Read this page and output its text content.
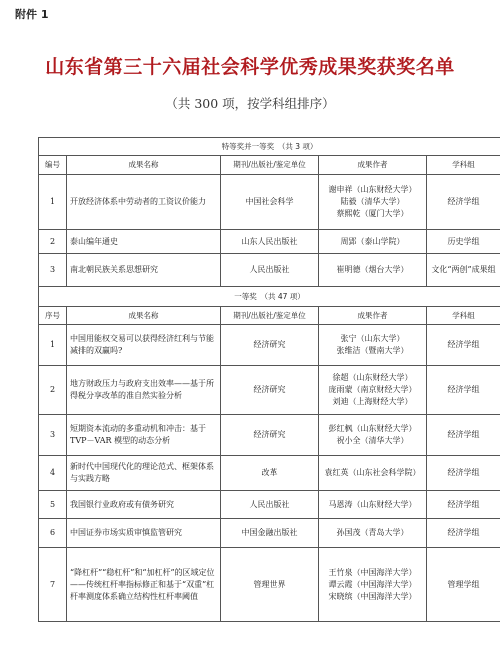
附件 1
山东省第三十六届社会科学优秀成果奖获奖名单
（共 300 项，按学科组排序）
特等奖并一等奖　（共 3 项）				
编号	成果名称	期刊/出版社/鉴定单位	成果作者	学科组
1	开放经济体系中劳动者的工资议价能力	中国社会科学	谢申祥（山东财经大学）
陆毅（清华大学）
蔡熙乾（厦门大学）	经济学组
2	泰山编年通史	山东人民出版社	周郢（泰山学院）	历史学组
3	南北朝民族关系思想研究	人民出版社	崔明德（烟台大学）	文化“两创”成果组
一等奖　（共 47 项）				
序号	成果名称	期刊/出版社/鉴定单位	成果作者	学科组
1	中国用能权交易可以获得经济红利与节能减排的双赢吗?	经济研究	张宁（山东大学）
张维洁（暨南大学）	经济学组
2	地方财政压力与政府支出效率——基于所得税分享改革的准自然实验分析	经济研究	徐超（山东财经大学）
庞雨蒙（南京财经大学）
刘迪（上海财经大学）	经济学组
3	短期资本流动的多重动机和冲击：基于TVP－VAR 模型的动态分析	经济研究	彭红枫（山东财经大学）
祝小全（清华大学）	经济学组
4	新时代中国现代化的理论范式、框架体系与实践方略	改革	袁红英（山东社会科学院）	经济学组
5	我国银行业政府或有债务研究	人民出版社	马恩涛（山东财经大学）	经济学组
6	中国证券市场实质审慎监管研究	中国金融出版社	孙国茂（青岛大学）	经济学组
7	“降杠杆”“稳杠杆”和“加杠杆”的区域定位——传统杠杆率指标修正和基于“双重”杠杆率测度体系确立结构性杠杆率阈值	管理世界	王竹泉（中国海洋大学）
谭云霞（中国海洋大学）
宋晓缤（中国海洋大学）	管理学组
